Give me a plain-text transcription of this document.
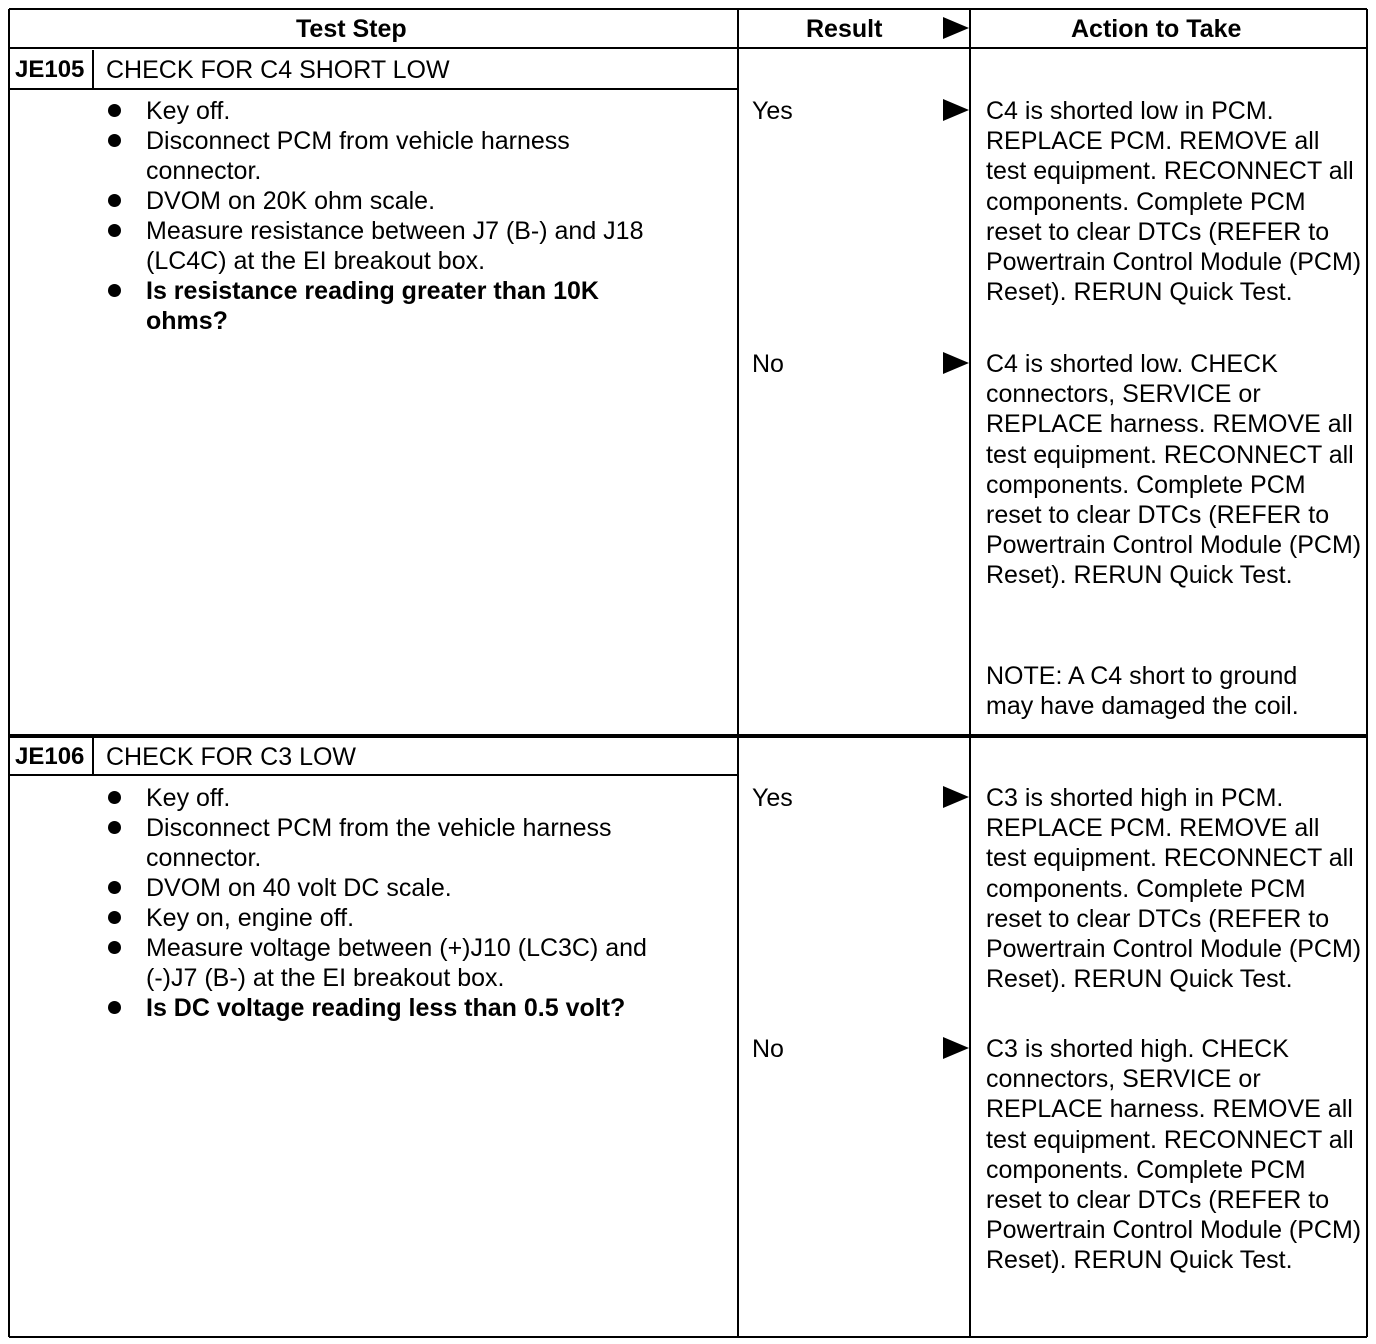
Test Step	Result	Action to Take
JE105 CHECK FOR C4 SHORT LOW
Key off.
Disconnect PCM from vehicle harness connector.
DVOM on 20K ohm scale.
Measure resistance between J7 (B-) and J18 (LC4C) at the EI breakout box.
Is resistance reading greater than 10K ohms?
Yes	C4 is shorted low in PCM. REPLACE PCM. REMOVE all test equipment. RECONNECT all components. Complete PCM reset to clear DTCs (REFER to Powertrain Control Module (PCM) Reset). RERUN Quick Test.
No	C4 is shorted low. CHECK connectors, SERVICE or REPLACE harness. REMOVE all test equipment. RECONNECT all components. Complete PCM reset to clear DTCs (REFER to Powertrain Control Module (PCM) Reset). RERUN Quick Test.
NOTE: A C4 short to ground may have damaged the coil.
JE106 CHECK FOR C3 LOW
Key off.
Disconnect PCM from the vehicle harness connector.
DVOM on 40 volt DC scale.
Key on, engine off.
Measure voltage between (+)J10 (LC3C) and (-)J7 (B-) at the EI breakout box.
Is DC voltage reading less than 0.5 volt?
Yes	C3 is shorted high in PCM. REPLACE PCM. REMOVE all test equipment. RECONNECT all components. Complete PCM reset to clear DTCs (REFER to Powertrain Control Module (PCM) Reset). RERUN Quick Test.
No	C3 is shorted high. CHECK connectors, SERVICE or REPLACE harness. REMOVE all test equipment. RECONNECT all components. Complete PCM reset to clear DTCs (REFER to Powertrain Control Module (PCM) Reset). RERUN Quick Test.
